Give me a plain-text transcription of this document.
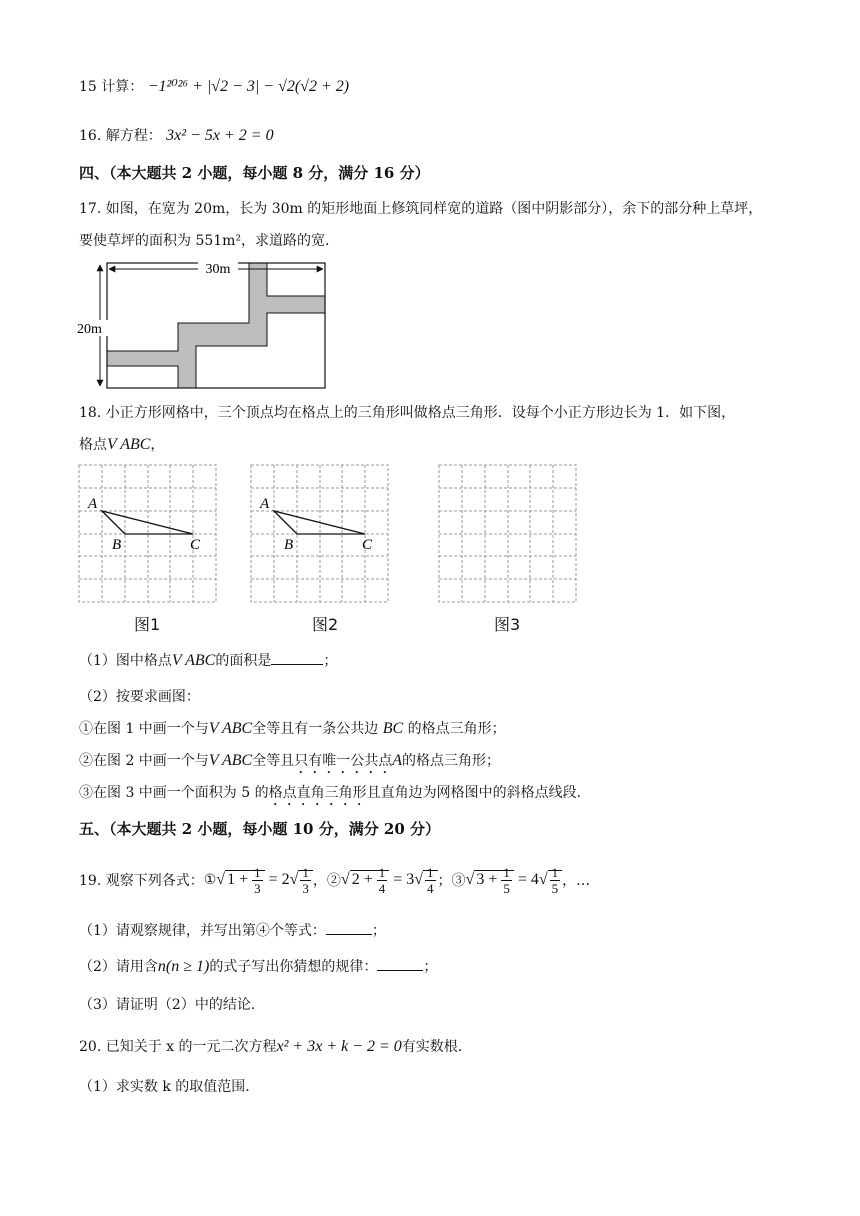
15 计算： −1²⁰²⁶ + |√2 − 3| − √2(√2 + 2)
16. 解方程： 3x² − 5x + 2 = 0
四、（本大题共 2 小题，每小题 8 分，满分 16 分）
17. 如图，在宽为 20m，长为 30m 的矩形地面上修筑同样宽的道路（图中阴影部分），余下的部分种上草坪，
要使草坪的面积为 551m²，求道路的宽.
30m
20m
18. 小正方形网格中，三个顶点均在格点上的三角形叫做格点三角形．设每个小正方形边长为 1．如下图，
格点V ABC，
A
B	C
A
B	C
图1	图2	图3
（1）图中格点V ABC的面积是	；
（2）按要求画图：
①在图 1 中画一个与V ABC全等且有一条公共边 BC 的格点三角形；
②在图 2 中画一个与V ABC全等且只有唯一公共点A的格点三角形；
③在图 3 中画一个面积为 5 的格点直角三角形且直角边为网格图中的斜格点线段.
五、（本大题共 2 小题，每小题 10 分，满分 20 分）
19. 观察下列各式： ① √ $1 + \frac{1}{3} = 2√ \frac{1}{3}$ ，② √ $2 + \frac{1}{4} = 3√ \frac{1}{4}$ ；③ √ $3 + \frac{1}{5} = 4√ \frac{1}{5}$ ，…
（1）请观察规律，并写出第④个等式：	；
（2）请用含n(n ≥ 1)的式子写出你猜想的规律：	；
（3）请证明（2）中的结论.
20. 已知关于 x 的一元二次方程x² + 3x + k − 2 = 0有实数根.
（1）求实数 k 的取值范围.
